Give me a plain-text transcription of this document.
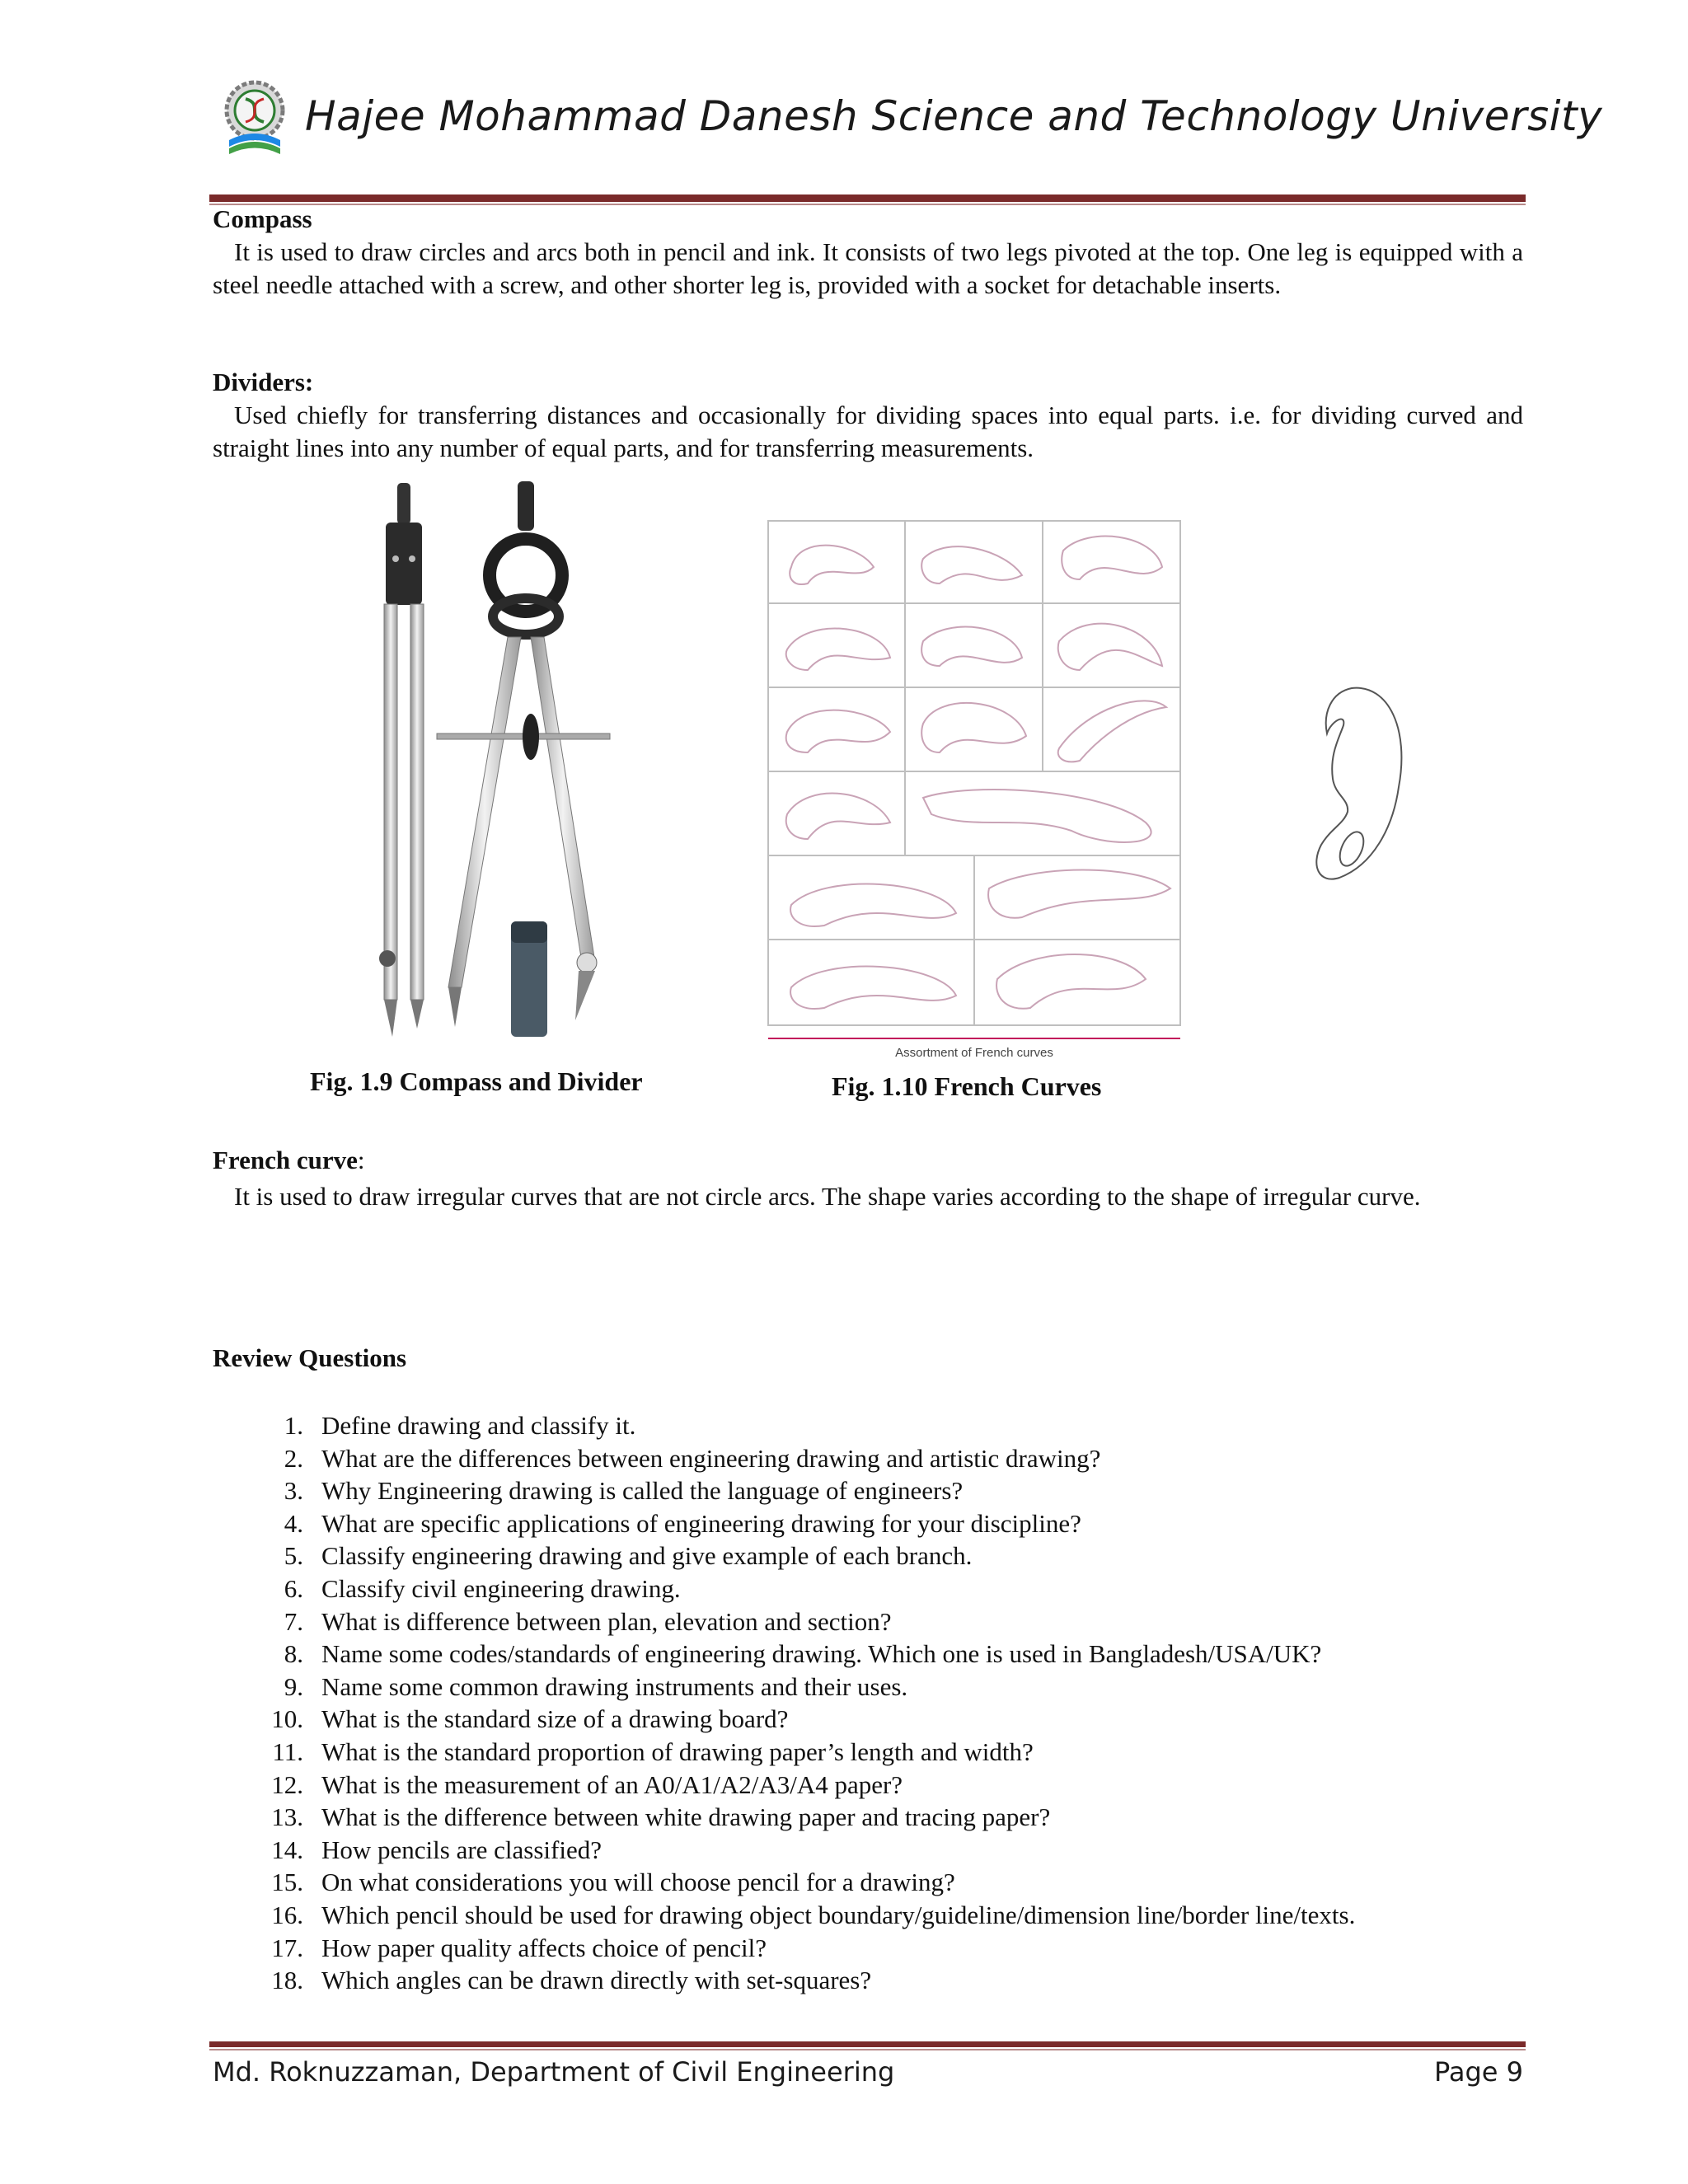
Hajee Mohammad Danesh Science and Technology University
Compass
It is used to draw circles and arcs both in pencil and ink. It consists of two legs pivoted at the top. One leg is equipped with a steel needle attached with a screw, and other shorter leg is, provided with a socket for detachable inserts.
Dividers:
Used chiefly for transferring distances and occasionally for dividing spaces into equal parts. i.e. for dividing curved and straight lines into any number of equal parts, and for transferring measurements.
Assortment of French curves
Fig. 1.9 Compass and Divider	Fig. 1.10 French Curves
French curve:
It is used to draw irregular curves that are not circle arcs. The shape varies according to the shape of irregular curve.
Review Questions
1. Define drawing and classify it.
2. What are the differences between engineering drawing and artistic drawing?
3. Why Engineering drawing is called the language of engineers?
4. What are specific applications of engineering drawing for your discipline?
5. Classify engineering drawing and give example of each branch.
6. Classify civil engineering drawing.
7. What is difference between plan, elevation and section?
8. Name some codes/standards of engineering drawing. Which one is used in Bangladesh/USA/UK?
9. Name some common drawing instruments and their uses.
10. What is the standard size of a drawing board?
11. What is the standard proportion of drawing paper’s length and width?
12. What is the measurement of an A0/A1/A2/A3/A4 paper?
13. What is the difference between white drawing paper and tracing paper?
14. How pencils are classified?
15. On what considerations you will choose pencil for a drawing?
16. Which pencil should be used for drawing object boundary/guideline/dimension line/border line/texts.
17. How paper quality affects choice of pencil?
18. Which angles can be drawn directly with set-squares?
Md. Roknuzzaman, Department of Civil Engineering	Page 9
